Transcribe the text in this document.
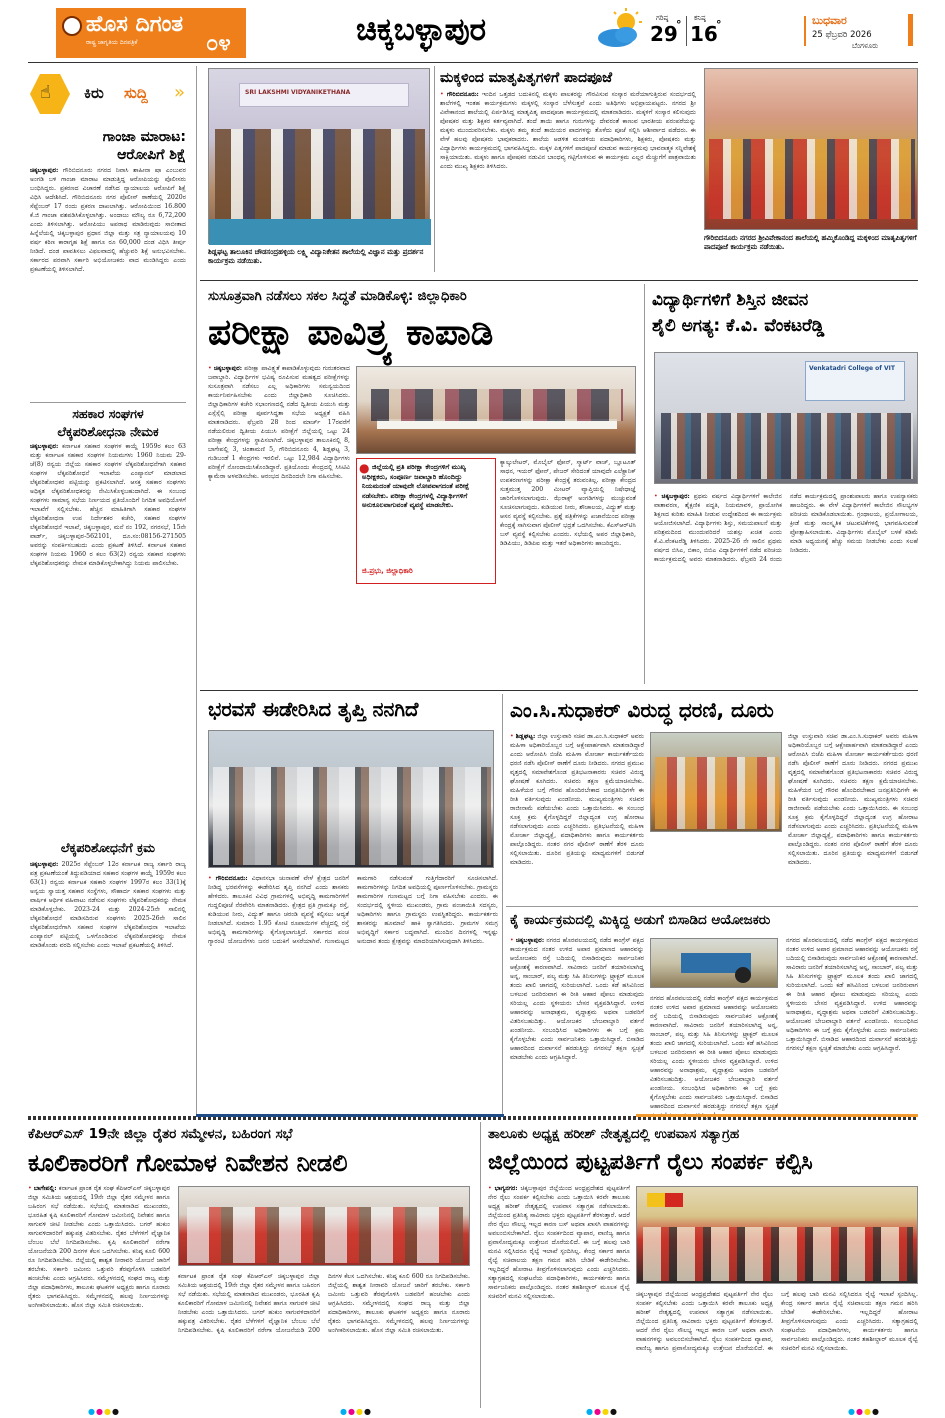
ಹೊಸ ದಿಗಂತ
ರಾಷ್ಟ್ರ ಜಾಗೃತಿಯ ದಿನಪತ್ರಿಕೆ	೦೪	ಚಿಕ್ಕಬಳ್ಳಾಪುರ	ಗರಿಷ್ಠ
29
° ಕನಿಷ್ಠ
16
°	ಬುಧವಾರ
25 ಫೆಬ್ರವರಿ 2026
ಬೆಂಗಳೂರು
☝ ಕಿರು ಸುದ್ದಿ »
ಗಾಂಜಾ ಮಾರಾಟ:
ಆರೋಪಿಗೆ ಶಿಕ್ಷೆ
ಚಿಕ್ಕಬಳ್ಳಾಪುರ: ಗೌರಿಬಿದನೂರು ನಗರದ ನಿವಾಸಿ ಶಾಹೀನಾ ಷಾ ಎಂಬುವರ ಅಂಗಡಿ ಬಳಿ ಗಾಂಜಾ ಮಾರಾಟ ಮಾಡುತ್ತಿದ್ದ ಆರೋಪಿಯನ್ನು ಪೊಲೀಸರು ಬಂಧಿಸಿದ್ದರು. ಪ್ರಕರಣದ ವಿಚಾರಣೆ ನಡೆಸಿದ ನ್ಯಾಯಾಲಯ ಆರೋಪಿಗೆ ಶಿಕ್ಷೆ ವಿಧಿಸಿ ಆದೇಶಿಸಿದೆ. ಗೌರಿಬಿದನೂರು ನಗರ ಪೊಲೀಸ್ ಠಾಣೆಯಲ್ಲಿ 2020ರ ಸೆಪ್ಟೆಂಬರ್ 17 ರಂದು ಪ್ರಕರಣ ದಾಖಲಾಗಿತ್ತು. ಆರೋಪಿಯಿಂದ 16.800 ಕೆ.ಜಿ ಗಾಂಜಾ ವಶಪಡಿಸಿಕೊಳ್ಳಲಾಗಿತ್ತು. ಅಂದಾಜು ಮೌಲ್ಯ ರೂ 6,72,200 ಎಂದು ತಿಳಿಸಲಾಗಿತ್ತು. ಆರೋಪಿಯು ಅಪರಾಧ ಮಾಡಿರುವುದು ಸಾಬೀತಾದ ಹಿನ್ನೆಲೆಯಲ್ಲಿ ಚಿಕ್ಕಬಳ್ಳಾಪುರ ಪ್ರಧಾನ ಜಿಲ್ಲಾ ಮತ್ತು ಸತ್ರ ನ್ಯಾಯಾಲಯವು 10 ವರ್ಷ ಕಠಿಣ ಕಾರಾಗೃಹ ಶಿಕ್ಷೆ ಹಾಗೂ ರೂ 60,000 ದಂಡ ವಿಧಿಸಿ ತೀರ್ಪು ನೀಡಿದೆ. ದಂಡ ಪಾವತಿಸಲು ವಿಫಲವಾದಲ್ಲಿ ಹೆಚ್ಚುವರಿ ಶಿಕ್ಷೆ ಅನುಭವಿಸಬೇಕು. ಸರ್ಕಾರದ ಪರವಾಗಿ ಸರ್ಕಾರಿ ಅಭಿಯೋಜಕರು ವಾದ ಮಂಡಿಸಿದ್ದರು ಎಂದು ಪ್ರಕಟಣೆಯಲ್ಲಿ ತಿಳಿಸಲಾಗಿದೆ.
ಸಹಕಾರ ಸಂಘಗಳ
ಲೆಕ್ಕಪರಿಶೋಧನಾ ನೇಮಕ
ಚಿಕ್ಕಬಳ್ಳಾಪುರ: ಕರ್ನಾಟಕ ಸಹಕಾರ ಸಂಘಗಳ ಕಾಯ್ದೆ 1959ರ ಕಲಂ 63 ಮತ್ತು ಕರ್ನಾಟಕ ಸಹಕಾರ ಸಂಘಗಳ ನಿಯಮಗಳು 1960 ನಿಯಮ 29-ಜೆ(8) ರನ್ವಯ ಜಿಲ್ಲೆಯ ಸಹಕಾರ ಸಂಘಗಳ ಲೆಕ್ಕಪರಿಶೋಧನೆಗಾಗಿ ಸಹಕಾರ ಸಂಘಗಳ ಲೆಕ್ಕಪರಿಶೋಧನೆ ಇಲಾಖೆಯ ಎಂಪ್ಯಾನಲ್ ಮಾಡಲಾದ ಲೆಕ್ಕಪರಿಶೋಧಕರ ಪಟ್ಟಿಯನ್ನು ಪ್ರಕಟಿಸಲಾಗಿದೆ. ಆಸಕ್ತ ಸಹಕಾರ ಸಂಘಗಳು ಅಧಿಕೃತ ಲೆಕ್ಕಪರಿಶೋಧಕರನ್ನು ನೇಮಿಸಿಕೊಳ್ಳಬಹುದಾಗಿದೆ. ಈ ಸಂಬಂಧ ಸಂಘಗಳು ಸಾಮಾನ್ಯ ಸಭೆಯ ನಿರ್ಣಯದ ಪ್ರತಿಯೊಂದಿಗೆ ನಿಗದಿತ ಅವಧಿಯೊಳಗೆ ಇಲಾಖೆಗೆ ಸಲ್ಲಿಸಬೇಕು. ಹೆಚ್ಚಿನ ಮಾಹಿತಿಗಾಗಿ ಸಹಕಾರ ಸಂಘಗಳ ಲೆಕ್ಕಪರಿಶೋಧನಾ ಉಪ ನಿರ್ದೇಶಕರ ಕಚೇರಿ, ಸಹಕಾರ ಸಂಘಗಳ ಲೆಕ್ಕಪರಿಶೋಧನೆ ಇಲಾಖೆ, ಚಿಕ್ಕಬಳ್ಳಾಪುರ, ಮನೆ ನಂ 192, ನಗರಸಭೆ, 15ನೇ ವಾರ್ಡ್, ಚಿಕ್ಕಬಳ್ಳಾಪುರ-562101, ದೂ.ಸಂ:08156-271505 ಅವರನ್ನು ಸಂಪರ್ಕಿಸಬಹುದು ಎಂದು ಪ್ರಕಟಣೆ ತಿಳಿಸಿದೆ. ಕರ್ನಾಟಕ ಸಹಕಾರ ಸಂಘಗಳ ನಿಯಮ 1960 ರ ಕಲಂ 63(2) ರನ್ವಯ ಸಹಕಾರ ಸಂಘಗಳು ಲೆಕ್ಕಪರಿಶೋಧಕರನ್ನು ನೇಮಕ ಮಾಡಿಕೊಳ್ಳಬೇಕಾಗಿದ್ದು ನಿಯಮ ಪಾಲಿಸಬೇಕು.
ಲೆಕ್ಕಪರಿಶೋಧನೆಗೆ ಕ್ರಮ
ಚಿಕ್ಕಬಳ್ಳಾಪುರ: 2025ರ ಸೆಪ್ಟೆಂಬರ್ 12ರ ಕರ್ನಾಟಕ ರಾಜ್ಯ ಸರ್ಕಾರಿ ರಾಜ್ಯ ಪತ್ರ ಪ್ರಕಟಣೆಯಂತೆ ತಿದ್ದುಪಡಿಯಾದ ಸಹಕಾರ ಸಂಘಗಳ ಕಾಯ್ದೆ 1959ರ ಕಲಂ 63(1) ರನ್ವಯ ಕರ್ನಾಟಕ ಸಹಕಾರಿ ಸಂಘಗಳ 1997ರ ಕಲಂ 33(1)ಕ್ಕೆ ಅನ್ವಯ ಸ್ವಾಯತ್ತ ಸಹಕಾರ ಸಂಸ್ಥೆಗಳು, ಸೌಹಾರ್ದ ಸಹಕಾರ ಸಂಘಗಳು ಮತ್ತು ವಾರ್ಷಿಕ ಆರ್ಥಿಕ ವಹಿವಾಟು ನಡೆಸುವ ಸಂಘಗಳು ಲೆಕ್ಕಪರಿಶೋಧಕರನ್ನು ನೇಮಕ ಮಾಡಿಕೊಳ್ಳಬೇಕು. 2023-24 ಮತ್ತು 2024-25ನೇ ಸಾಲಿನಲ್ಲಿ ಲೆಕ್ಕಪರಿಶೋಧನೆ ಮಾಡಿಸದಿರುವ ಸಂಘಗಳು 2025-26ನೇ ಸಾಲಿನ ಲೆಕ್ಕಪರಿಶೋಧನೆಗಾಗಿ ಸಹಕಾರ ಸಂಘಗಳ ಲೆಕ್ಕಪರಿಶೋಧನಾ ಇಲಾಖೆಯ ಎಂಪ್ಯಾನಲ್ ಪಟ್ಟಿಯಲ್ಲಿ ಒಳಗೊಂಡಿರುವ ಲೆಕ್ಕಪರಿಶೋಧಕರನ್ನು ನೇಮಕ ಮಾಡಿಕೊಂಡು ವರದಿ ಸಲ್ಲಿಸಬೇಕು ಎಂದು ಇಲಾಖೆ ಪ್ರಕಟಣೆಯಲ್ಲಿ ತಿಳಿಸಿದೆ.
SRI LAKSHMI VIDYANIKETHANA
ಶಿಡ್ಲಘಟ್ಟ ತಾಲೂಕಿನ ಚೌಡಸಂದ್ರಹಳ್ಳಿಯ ಲಕ್ಷ್ಮಿ ವಿದ್ಯಾನಿಕೇತನ ಶಾಲೆಯಲ್ಲಿ ವಿಜ್ಞಾನ ಮತ್ತು ಪ್ರದರ್ಶನ ಕಾರ್ಯಕ್ರಮ ನಡೆಯಿತು.
ಮಕ್ಕಳಿಂದ ಮಾತೃಪಿತೃಗಳಿಗೆ ಪಾದಪೂಜೆ
• ಗೌರಿಬಿದನೂರು: ಇಂದಿನ ಒತ್ತಡದ ಬದುಕಿನಲ್ಲಿ ಮಕ್ಕಳು ಪಾಲಕರನ್ನು ಗೌರವಿಸುವ ಸಂಸ್ಕಾರ ಮರೆಯಾಗುತ್ತಿರುವ ಸಂದರ್ಭದಲ್ಲಿ ಶಾಲೆಗಳಲ್ಲಿ ಇಂತಹ ಕಾರ್ಯಕ್ರಮಗಳು ಮಕ್ಕಳಲ್ಲಿ ಸಂಸ್ಕಾರ ಬೆಳೆಸುತ್ತವೆ ಎಂದು ಅತಿಥಿಗಳು ಅಭಿಪ್ರಾಯಪಟ್ಟರು. ನಗರದ ಶ್ರೀ ವಿವೇಕಾನಂದ ಶಾಲೆಯಲ್ಲಿ ಏರ್ಪಡಿಸಿದ್ದ ಮಾತೃಪಿತೃ ಪಾದಪೂಜಾ ಕಾರ್ಯಕ್ರಮದಲ್ಲಿ ಮಾತನಾಡಿದರು. ಮಕ್ಕಳಿಗೆ ಸಂಸ್ಕಾರ ಕಲಿಸುವುದು ಪೋಷಕರ ಮತ್ತು ಶಿಕ್ಷಕರ ಕರ್ತವ್ಯವಾಗಿದೆ. ತಂದೆ ತಾಯಿ ಹಾಗೂ ಗುರುಗಳನ್ನು ದೇವರಂತೆ ಕಾಣುವ ಭಾರತೀಯ ಪರಂಪರೆಯನ್ನು ಮಕ್ಕಳು ಮುಂದುವರಿಸಬೇಕು. ಮಕ್ಕಳು ತಮ್ಮ ತಂದೆ ತಾಯಿಯರ ಪಾದಗಳನ್ನು ತೊಳೆದು ಪೂಜೆ ಸಲ್ಲಿಸಿ ಆಶೀರ್ವಾದ ಪಡೆದರು. ಈ ವೇಳೆ ಹಲವು ಪೋಷಕರು ಭಾವುಕರಾದರು. ಶಾಲೆಯ ಆಡಳಿತ ಮಂಡಳಿಯ ಪದಾಧಿಕಾರಿಗಳು, ಶಿಕ್ಷಕರು, ಪೋಷಕರು ಮತ್ತು ವಿದ್ಯಾರ್ಥಿಗಳು ಕಾರ್ಯಕ್ರಮದಲ್ಲಿ ಭಾಗವಹಿಸಿದ್ದರು. ಮಕ್ಕಳ ಪಿತೃಗಳಿಗೆ ಪಾದಪೂಜೆ ಮಾಡುವ ಕಾರ್ಯಕ್ರಮವು ಭಾವನಾತ್ಮಕ ಸನ್ನಿವೇಶಕ್ಕೆ ಸಾಕ್ಷಿಯಾಯಿತು. ಮಕ್ಕಳು ಹಾಗೂ ಪೋಷಕರ ನಡುವಿನ ಬಾಂಧವ್ಯ ಗಟ್ಟಿಗೊಳಿಸುವ ಈ ಕಾರ್ಯಕ್ರಮ ಎಲ್ಲರ ಮೆಚ್ಚುಗೆಗೆ ಪಾತ್ರವಾಯಿತು ಎಂದು ಮುಖ್ಯ ಶಿಕ್ಷಕರು ತಿಳಿಸಿದರು.
ಗೌರಿಬಿದನೂರು ನಗರದ ಶ್ರೀವಿವೇಕಾನಂದ ಶಾಲೆಯಲ್ಲಿ ಹಮ್ಮಿಕೊಂಡಿದ್ದ ಮಕ್ಕಳಿಂದ ಮಾತೃಪಿತೃಗಳಿಗೆ ಪಾದಪೂಜೆ ಕಾರ್ಯಕ್ರಮ ನಡೆಯಿತು.
ಸುಸೂತ್ರವಾಗಿ ನಡೆಸಲು ಸಕಲ ಸಿದ್ಧತೆ ಮಾಡಿಕೊಳ್ಳಿ: ಜಿಲ್ಲಾಧಿಕಾರಿ
ಪರೀಕ್ಷಾ ಪಾವಿತ್ರ್ಯ ಕಾಪಾಡಿ
• ಚಿಕ್ಕಬಳ್ಳಾಪುರ: ಪರೀಕ್ಷಾ ಪಾವಿತ್ರ್ಯತೆ ಕಾಪಾಡಿಕೊಳ್ಳುವುದು ಗುರುತರವಾದ ಜವಾಬ್ದಾರಿ. ವಿದ್ಯಾರ್ಥಿಗಳ ಭವಿಷ್ಯ ರೂಪಿಸುವ ಮಹತ್ವದ ಪರೀಕ್ಷೆಗಳನ್ನು ಸುಸೂತ್ರವಾಗಿ ನಡೆಸಲು ಎಲ್ಲ ಅಧಿಕಾರಿಗಳು ಸಮನ್ವಯದಿಂದ ಕಾರ್ಯನಿರ್ವಹಿಸಬೇಕು ಎಂದು ಜಿಲ್ಲಾಧಿಕಾರಿ ಸೂಚಿಸಿದರು. ಜಿಲ್ಲಾಧಿಕಾರಿಗಳ ಕಚೇರಿ ಸಭಾಂಗಣದಲ್ಲಿ ನಡೆದ ದ್ವಿತೀಯ ಪಿಯುಸಿ ಮತ್ತು ಎಸ್ಸೆಸ್ಸೆಲ್ಸಿ ಪರೀಕ್ಷಾ ಪೂರ್ವಸಿದ್ಧತಾ ಸಭೆಯ ಅಧ್ಯಕ್ಷತೆ ವಹಿಸಿ ಮಾತನಾಡಿದರು. ಫೆಬ್ರವರಿ 28 ರಿಂದ ಮಾರ್ಚ್ 17ರವರೆಗೆ ನಡೆಯಲಿರುವ ದ್ವಿತೀಯ ಪಿಯುಸಿ ಪರೀಕ್ಷೆಗೆ ಜಿಲ್ಲೆಯಲ್ಲಿ ಒಟ್ಟು 24 ಪರೀಕ್ಷಾ ಕೇಂದ್ರಗಳನ್ನು ಸ್ಥಾಪಿಸಲಾಗಿದೆ. ಚಿಕ್ಕಬಳ್ಳಾಪುರ ತಾಲೂಕಿನಲ್ಲಿ 8, ಬಾಗೇಪಲ್ಲಿ 3, ಚಿಂತಾಮಣಿ 5, ಗೌರಿಬಿದನೂರು 4, ಶಿಡ್ಲಘಟ್ಟ 3, ಗುಡಿಬಂಡೆ 1 ಕೇಂದ್ರಗಳು ಇರಲಿವೆ. ಒಟ್ಟು 12,984 ವಿದ್ಯಾರ್ಥಿಗಳು ಪರೀಕ್ಷೆಗೆ ನೋಂದಾಯಿಸಿಕೊಂಡಿದ್ದಾರೆ. ಪ್ರತಿಯೊಂದು ಕೇಂದ್ರದಲ್ಲಿ ಸಿಸಿಟಿವಿ ಕ್ಯಾಮೆರಾ ಅಳವಡಿಸಬೇಕು. ಆರಂಭದ ದಿನದಿಂದಲೇ ನಿಗಾ ವಹಿಸಬೇಕು.
● ಜಿಲ್ಲೆಯಲ್ಲಿ ಪ್ರತಿ ಪರೀಕ್ಷಾ ಕೇಂದ್ರಗಳಿಗೆ ಮುಖ್ಯ ಅಧೀಕ್ಷಕರು, ಸಂಪೂರ್ಣ ಜವಾಬ್ದಾರಿ ಹೊಂದಿದ್ದು ನಿಯಮದಂತೆ ಯಾವುದೇ ಲೋಪವಾಗದಂತೆ ಪರೀಕ್ಷೆ ನಡೆಸಬೇಕು. ಪರೀಕ್ಷಾ ಕೇಂದ್ರಗಳಲ್ಲಿ ವಿದ್ಯಾರ್ಥಿಗಳಿಗೆ ಅನುಕೂಲವಾಗುವಂತೆ ವ್ಯವಸ್ಥೆ ಮಾಡಬೇಕು.
ಜಿ.ಪ್ರಭು, ಜಿಲ್ಲಾಧಿಕಾರಿ
ಕ್ಯಾಲ್ಕುಲೇಟರ್, ಮೊಬೈಲ್ ಫೋನ್, ಸ್ಮಾರ್ಟ್ ವಾಚ್, ಬ್ಲೂಟೂತ್ ಸಾಧನ, ಇಯರ್ ಫೋನ್, ಪೇಜರ್ ಸೇರಿದಂತೆ ಯಾವುದೇ ಎಲೆಕ್ಟ್ರಾನಿಕ್ ಉಪಕರಣಗಳನ್ನು ಪರೀಕ್ಷಾ ಕೇಂದ್ರಕ್ಕೆ ತರುವಂತಿಲ್ಲ. ಪರೀಕ್ಷಾ ಕೇಂದ್ರದ ಸುತ್ತಮುತ್ತ 200 ಮೀಟರ್ ವ್ಯಾಪ್ತಿಯಲ್ಲಿ ನಿಷೇಧಾಜ್ಞೆ ಜಾರಿಗೊಳಿಸಲಾಗುವುದು. ಝೆರಾಕ್ಸ್ ಅಂಗಡಿಗಳನ್ನು ಮುಚ್ಚುವಂತೆ ಸೂಚಿಸಲಾಗುವುದು. ಕುಡಿಯುವ ನೀರು, ಶೌಚಾಲಯ, ವಿದ್ಯುತ್ ಮತ್ತು ಆಸನ ವ್ಯವಸ್ಥೆ ಕಲ್ಪಿಸಬೇಕು. ಪ್ರಶ್ನೆ ಪತ್ರಿಕೆಗಳನ್ನು ಖಜಾನೆಯಿಂದ ಪರೀಕ್ಷಾ ಕೇಂದ್ರಕ್ಕೆ ಸಾಗಿಸುವಾಗ ಪೊಲೀಸ್ ಭದ್ರತೆ ಒದಗಿಸಬೇಕು. ಕೆಎಸ್ಆರ್‌ಟಿಸಿ ಬಸ್ ವ್ಯವಸ್ಥೆ ಕಲ್ಪಿಸಬೇಕು ಎಂದರು. ಸಭೆಯಲ್ಲಿ ಅಪರ ಜಿಲ್ಲಾಧಿಕಾರಿ, ಡಿಡಿಪಿಯು, ಡಿಡಿಪಿಐ ಮತ್ತು ಇತರೆ ಅಧಿಕಾರಿಗಳು ಹಾಜರಿದ್ದರು.
ವಿದ್ಯಾರ್ಥಿಗಳಿಗೆ ಶಿಸ್ತಿನ ಜೀವನ
ಶೈಲಿ ಅಗತ್ಯ: ಕೆ.ವಿ. ವೆಂಕಟರೆಡ್ಡಿ
Venkatadri College of VIT
• ಚಿಕ್ಕಬಳ್ಳಾಪುರ: ಪ್ರಥಮ ವರ್ಷದ ವಿದ್ಯಾರ್ಥಿಗಳಿಗೆ ಕಾಲೇಜಿನ ವಾತಾವರಣ, ಶೈಕ್ಷಣಿಕ ಪದ್ಧತಿ, ನಿಯಮಾವಳಿ, ಪ್ರಾಯೋಗಿಕ ಶಿಕ್ಷಣದ ಕುರಿತು ಮಾಹಿತಿ ನೀಡುವ ಉದ್ದೇಶದಿಂದ ಈ ಕಾರ್ಯಕ್ರಮ ಆಯೋಜಿಸಲಾಗಿದೆ. ವಿದ್ಯಾರ್ಥಿಗಳು ಶಿಸ್ತು, ಸಮಯಪಾಲನೆ ಮತ್ತು ಪರಿಶ್ರಮದಿಂದ ಮುಂದುವರಿದರೆ ಯಶಸ್ಸು ಖಚಿತ ಎಂದು ಕೆ.ವಿ.ವೆಂಕಟರೆಡ್ಡಿ ತಿಳಿಸಿದರು. 2025-26 ನೇ ಸಾಲಿನ ಪ್ರಥಮ ವರ್ಷದ ಬಿಸಿಎ, ಬಿಕಾಂ, ಬಿಬಿಎ ವಿದ್ಯಾರ್ಥಿಗಳಿಗೆ ನಡೆದ ಪರಿಚಯ ಕಾರ್ಯಕ್ರಮದಲ್ಲಿ ಅವರು ಮಾತನಾಡಿದರು. ಫೆಬ್ರವರಿ 24 ರಂದು ನಡೆದ ಕಾರ್ಯಕ್ರಮದಲ್ಲಿ ಪ್ರಾಂಶುಪಾಲರು ಹಾಗೂ ಉಪನ್ಯಾಸಕರು ಹಾಜರಿದ್ದರು. ಈ ವೇಳೆ ವಿದ್ಯಾರ್ಥಿಗಳಿಗೆ ಕಾಲೇಜಿನ ಸೌಲಭ್ಯಗಳ ಪರಿಚಯ ಮಾಡಿಕೊಡಲಾಯಿತು. ಗ್ರಂಥಾಲಯ, ಪ್ರಯೋಗಾಲಯ, ಕ್ರೀಡೆ ಮತ್ತು ಸಾಂಸ್ಕೃತಿಕ ಚಟುವಟಿಕೆಗಳಲ್ಲಿ ಭಾಗವಹಿಸುವಂತೆ ಪ್ರೋತ್ಸಾಹಿಸಲಾಯಿತು. ವಿದ್ಯಾರ್ಥಿಗಳು ಮೊಬೈಲ್ ಬಳಕೆ ಕಡಿಮೆ ಮಾಡಿ ಅಧ್ಯಯನಕ್ಕೆ ಹೆಚ್ಚು ಸಮಯ ನೀಡಬೇಕು ಎಂದು ಸಲಹೆ ನೀಡಿದರು.
ಭರವಸೆ ಈಡೇರಿಸಿದ ತೃಪ್ತಿ ನನಗಿದೆ
• ಗೌರಿಬಿದನೂರು: ವಿಧಾನಸಭಾ ಚುನಾವಣೆ ವೇಳೆ ಕ್ಷೇತ್ರದ ಜನರಿಗೆ ನೀಡಿದ್ದ ಭರವಸೆಗಳನ್ನು ಈಡೇರಿಸಿದ ತೃಪ್ತಿ ನನಗಿದೆ ಎಂದು ಶಾಸಕರು ಹೇಳಿದರು. ತಾಲೂಕಿನ ವಿವಿಧ ಗ್ರಾಮಗಳಲ್ಲಿ ಅಭಿವೃದ್ಧಿ ಕಾಮಗಾರಿಗಳಿಗೆ ಗುದ್ದಲಿಪೂಜೆ ನೆರವೇರಿಸಿ ಮಾತನಾಡಿದರು. ಕ್ಷೇತ್ರದ ಪ್ರತಿ ಗ್ರಾಮಕ್ಕೂ ರಸ್ತೆ, ಕುಡಿಯುವ ನೀರು, ವಿದ್ಯುತ್ ಹಾಗೂ ಚರಂಡಿ ವ್ಯವಸ್ಥೆ ಕಲ್ಪಿಸಲು ಆದ್ಯತೆ ನೀಡಲಾಗಿದೆ. ಸುಮಾರು 1.95 ಕೋಟಿ ರೂಪಾಯಿಗಳ ವೆಚ್ಚದಲ್ಲಿ ರಸ್ತೆ ಅಭಿವೃದ್ಧಿ ಕಾಮಗಾರಿಗಳನ್ನು ಕೈಗೊಳ್ಳಲಾಗುತ್ತಿದೆ. ಸರ್ಕಾರದ ಪಂಚ ಗ್ಯಾರಂಟಿ ಯೋಜನೆಗಳು ಜನರ ಬದುಕಿಗೆ ಆಸರೆಯಾಗಿವೆ. ಗುಣಮಟ್ಟದ ಕಾಮಗಾರಿ ನಡೆಸುವಂತೆ ಗುತ್ತಿಗೆದಾರರಿಗೆ ಸೂಚಿಸಲಾಗಿದೆ. ಕಾಮಗಾರಿಗಳನ್ನು ನಿಗದಿತ ಅವಧಿಯಲ್ಲಿ ಪೂರ್ಣಗೊಳಿಸಬೇಕು. ಗ್ರಾಮಸ್ಥರು ಕಾಮಗಾರಿಗಳ ಗುಣಮಟ್ಟದ ಬಗ್ಗೆ ನಿಗಾ ವಹಿಸಬೇಕು ಎಂದರು. ಈ ಸಂದರ್ಭದಲ್ಲಿ ಸ್ಥಳೀಯ ಮುಖಂಡರು, ಗ್ರಾಮ ಪಂಚಾಯಿತಿ ಸದಸ್ಯರು, ಅಧಿಕಾರಿಗಳು ಹಾಗೂ ಗ್ರಾಮಸ್ಥರು ಉಪಸ್ಥಿತರಿದ್ದರು. ಕಾರ್ಯಕರ್ತರು ಶಾಸಕರನ್ನು ಹೂಮಾಲೆ ಹಾಕಿ ಸ್ವಾಗತಿಸಿದರು. ಗ್ರಾಮಗಳ ಸಮಗ್ರ ಅಭಿವೃದ್ಧಿಗೆ ಸರ್ಕಾರ ಬದ್ಧವಾಗಿದೆ. ಮುಂದಿನ ದಿನಗಳಲ್ಲಿ ಇನ್ನಷ್ಟು ಅನುದಾನ ತಂದು ಕ್ಷೇತ್ರವನ್ನು ಮಾದರಿಯಾಗಿಸುವುದಾಗಿ ತಿಳಿಸಿದರು.
ಎಂ.ಸಿ.ಸುಧಾಕರ್ ವಿರುದ್ಧ ಧರಣಿ, ದೂರು
• ಶಿಡ್ಲಘಟ್ಟ: ಜಿಲ್ಲಾ ಉಸ್ತುವಾರಿ ಸಚಿವ ಡಾ.ಎಂ.ಸಿ.ಸುಧಾಕರ್ ಅವರು ಮಹಿಳಾ ಅಧಿಕಾರಿಯೊಬ್ಬರ ಬಗ್ಗೆ ಆಕ್ಷೇಪಾರ್ಹವಾಗಿ ಮಾತನಾಡಿದ್ದಾರೆ ಎಂದು ಆರೋಪಿಸಿ ಬಿಜೆಪಿ ಮಹಿಳಾ ಮೋರ್ಚಾ ಕಾರ್ಯಕರ್ತೆಯರು ಧರಣಿ ನಡೆಸಿ ಪೊಲೀಸ್ ಠಾಣೆಗೆ ದೂರು ನೀಡಿದರು. ನಗರದ ಪ್ರಮುಖ ವೃತ್ತದಲ್ಲಿ ಸಮಾವೇಶಗೊಂಡ ಪ್ರತಿಭಟನಾಕಾರರು ಸಚಿವರ ವಿರುದ್ಧ ಘೋಷಣೆ ಕೂಗಿದರು. ಸಚಿವರು ತಕ್ಷಣ ಕ್ಷಮೆಯಾಚಿಸಬೇಕು. ಮಹಿಳೆಯರ ಬಗ್ಗೆ ಗೌರವ ಹೊಂದಿರಬೇಕಾದ ಜನಪ್ರತಿನಿಧಿಗಳೇ ಈ ರೀತಿ ವರ್ತಿಸುವುದು ಖಂಡನೀಯ. ಮುಖ್ಯಮಂತ್ರಿಗಳು ಸಚಿವರ ರಾಜೀನಾಮೆ ಪಡೆಯಬೇಕು ಎಂದು ಒತ್ತಾಯಿಸಿದರು. ಈ ಸಂಬಂಧ ಸೂಕ್ತ ಕ್ರಮ ಕೈಗೊಳ್ಳದಿದ್ದರೆ ಜಿಲ್ಲಾದ್ಯಂತ ಉಗ್ರ ಹೋರಾಟ ನಡೆಸಲಾಗುವುದು ಎಂದು ಎಚ್ಚರಿಸಿದರು. ಪ್ರತಿಭಟನೆಯಲ್ಲಿ ಮಹಿಳಾ ಮೋರ್ಚಾ ಜಿಲ್ಲಾಧ್ಯಕ್ಷೆ, ಪದಾಧಿಕಾರಿಗಳು ಹಾಗೂ ಕಾರ್ಯಕರ್ತರು ಪಾಲ್ಗೊಂಡಿದ್ದರು. ನಂತರ ನಗರ ಪೊಲೀಸ್ ಠಾಣೆಗೆ ತೆರಳಿ ದೂರು ಸಲ್ಲಿಸಲಾಯಿತು. ದೂರಿನ ಪ್ರತಿಯನ್ನು ಮಾಧ್ಯಮಗಳಿಗೆ ಬಿಡುಗಡೆ ಮಾಡಿದರು.
ಜಿಲ್ಲಾ ಉಸ್ತುವಾರಿ ಸಚಿವ ಡಾ.ಎಂ.ಸಿ.ಸುಧಾಕರ್ ಅವರು ಮಹಿಳಾ ಅಧಿಕಾರಿಯೊಬ್ಬರ ಬಗ್ಗೆ ಆಕ್ಷೇಪಾರ್ಹವಾಗಿ ಮಾತನಾಡಿದ್ದಾರೆ ಎಂದು ಆರೋಪಿಸಿ ಬಿಜೆಪಿ ಮಹಿಳಾ ಮೋರ್ಚಾ ಕಾರ್ಯಕರ್ತೆಯರು ಧರಣಿ ನಡೆಸಿ ಪೊಲೀಸ್ ಠಾಣೆಗೆ ದೂರು ನೀಡಿದರು. ನಗರದ ಪ್ರಮುಖ ವೃತ್ತದಲ್ಲಿ ಸಮಾವೇಶಗೊಂಡ ಪ್ರತಿಭಟನಾಕಾರರು ಸಚಿವರ ವಿರುದ್ಧ ಘೋಷಣೆ ಕೂಗಿದರು. ಸಚಿವರು ತಕ್ಷಣ ಕ್ಷಮೆಯಾಚಿಸಬೇಕು. ಮಹಿಳೆಯರ ಬಗ್ಗೆ ಗೌರವ ಹೊಂದಿರಬೇಕಾದ ಜನಪ್ರತಿನಿಧಿಗಳೇ ಈ ರೀತಿ ವರ್ತಿಸುವುದು ಖಂಡನೀಯ. ಮುಖ್ಯಮಂತ್ರಿಗಳು ಸಚಿವರ ರಾಜೀನಾಮೆ ಪಡೆಯಬೇಕು ಎಂದು ಒತ್ತಾಯಿಸಿದರು. ಈ ಸಂಬಂಧ ಸೂಕ್ತ ಕ್ರಮ ಕೈಗೊಳ್ಳದಿದ್ದರೆ ಜಿಲ್ಲಾದ್ಯಂತ ಉಗ್ರ ಹೋರಾಟ ನಡೆಸಲಾಗುವುದು ಎಂದು ಎಚ್ಚರಿಸಿದರು. ಪ್ರತಿಭಟನೆಯಲ್ಲಿ ಮಹಿಳಾ ಮೋರ್ಚಾ ಜಿಲ್ಲಾಧ್ಯಕ್ಷೆ, ಪದಾಧಿಕಾರಿಗಳು ಹಾಗೂ ಕಾರ್ಯಕರ್ತರು ಪಾಲ್ಗೊಂಡಿದ್ದರು. ನಂತರ ನಗರ ಪೊಲೀಸ್ ಠಾಣೆಗೆ ತೆರಳಿ ದೂರು ಸಲ್ಲಿಸಲಾಯಿತು. ದೂರಿನ ಪ್ರತಿಯನ್ನು ಮಾಧ್ಯಮಗಳಿಗೆ ಬಿಡುಗಡೆ ಮಾಡಿದರು.
ಕೈ ಕಾರ್ಯಕ್ರಮದಲ್ಲಿ ಮಿಕ್ಕಿದ್ದ ಅಡುಗೆ ಬಿಸಾಡಿದ ಆಯೋಜಕರು
• ಚಿಕ್ಕಬಳ್ಳಾಪುರ: ನಗರದ ಹೊರವಲಯದಲ್ಲಿ ನಡೆದ ಕಾಂಗ್ರೆಸ್ ಪಕ್ಷದ ಕಾರ್ಯಕ್ರಮದ ನಂತರ ಉಳಿದ ಅಪಾರ ಪ್ರಮಾಣದ ಆಹಾರವನ್ನು ಆಯೋಜಕರು ರಸ್ತೆ ಬದಿಯಲ್ಲಿ ಬಿಸಾಡಿರುವುದು ಸಾರ್ವಜನಿಕರ ಆಕ್ರೋಶಕ್ಕೆ ಕಾರಣವಾಗಿದೆ. ಸಾವಿರಾರು ಜನರಿಗೆ ತಯಾರಿಸಲಾಗಿದ್ದ ಅನ್ನ, ಸಾಂಬಾರ್, ಪಲ್ಯ ಮತ್ತು ಸಿಹಿ ತಿನಿಸುಗಳನ್ನು ಟ್ರ್ಯಾಕ್ಟರ್ ಮೂಲಕ ತಂದು ಖಾಲಿ ಜಾಗದಲ್ಲಿ ಸುರಿಯಲಾಗಿದೆ. ಒಂದು ಕಡೆ ಹಸಿವಿನಿಂದ ಬಳಲುವ ಜನರಿರುವಾಗ ಈ ರೀತಿ ಆಹಾರ ಪೋಲು ಮಾಡುವುದು ಸರಿಯಲ್ಲ ಎಂದು ಸ್ಥಳೀಯರು ಬೇಸರ ವ್ಯಕ್ತಪಡಿಸಿದ್ದಾರೆ. ಉಳಿದ ಆಹಾರವನ್ನು ಅನಾಥಾಶ್ರಮ, ವೃದ್ಧಾಶ್ರಮ ಅಥವಾ ಬಡವರಿಗೆ ವಿತರಿಸಬಹುದಿತ್ತು. ಆಯೋಜಕರ ಬೇಜವಾಬ್ದಾರಿ ವರ್ತನೆ ಖಂಡನೀಯ. ಸಂಬಂಧಿಸಿದ ಅಧಿಕಾರಿಗಳು ಈ ಬಗ್ಗೆ ಕ್ರಮ ಕೈಗೊಳ್ಳಬೇಕು ಎಂದು ಸಾರ್ವಜನಿಕರು ಒತ್ತಾಯಿಸಿದ್ದಾರೆ. ಬಿಸಾಡಿದ ಆಹಾರದಿಂದ ದುರ್ವಾಸನೆ ಹರಡುತ್ತಿದ್ದು ನಗರಸಭೆ ತಕ್ಷಣ ಸ್ವಚ್ಛತೆ ಮಾಡಬೇಕು ಎಂದು ಆಗ್ರಹಿಸಿದ್ದಾರೆ.
ನಗರದ ಹೊರವಲಯದಲ್ಲಿ ನಡೆದ ಕಾಂಗ್ರೆಸ್ ಪಕ್ಷದ ಕಾರ್ಯಕ್ರಮದ ನಂತರ ಉಳಿದ ಅಪಾರ ಪ್ರಮಾಣದ ಆಹಾರವನ್ನು ಆಯೋಜಕರು ರಸ್ತೆ ಬದಿಯಲ್ಲಿ ಬಿಸಾಡಿರುವುದು ಸಾರ್ವಜನಿಕರ ಆಕ್ರೋಶಕ್ಕೆ ಕಾರಣವಾಗಿದೆ. ಸಾವಿರಾರು ಜನರಿಗೆ ತಯಾರಿಸಲಾಗಿದ್ದ ಅನ್ನ, ಸಾಂಬಾರ್, ಪಲ್ಯ ಮತ್ತು ಸಿಹಿ ತಿನಿಸುಗಳನ್ನು ಟ್ರ್ಯಾಕ್ಟರ್ ಮೂಲಕ ತಂದು ಖಾಲಿ ಜಾಗದಲ್ಲಿ ಸುರಿಯಲಾಗಿದೆ. ಒಂದು ಕಡೆ ಹಸಿವಿನಿಂದ ಬಳಲುವ ಜನರಿರುವಾಗ ಈ ರೀತಿ ಆಹಾರ ಪೋಲು ಮಾಡುವುದು ಸರಿಯಲ್ಲ ಎಂದು ಸ್ಥಳೀಯರು ಬೇಸರ ವ್ಯಕ್ತಪಡಿಸಿದ್ದಾರೆ. ಉಳಿದ ಆಹಾರವನ್ನು ಅನಾಥಾಶ್ರಮ, ವೃದ್ಧಾಶ್ರಮ ಅಥವಾ ಬಡವರಿಗೆ ವಿತರಿಸಬಹುದಿತ್ತು. ಆಯೋಜಕರ ಬೇಜವಾಬ್ದಾರಿ ವರ್ತನೆ ಖಂಡನೀಯ. ಸಂಬಂಧಿಸಿದ ಅಧಿಕಾರಿಗಳು ಈ ಬಗ್ಗೆ ಕ್ರಮ ಕೈಗೊಳ್ಳಬೇಕು ಎಂದು ಸಾರ್ವಜನಿಕರು ಒತ್ತಾಯಿಸಿದ್ದಾರೆ. ಬಿಸಾಡಿದ ಆಹಾರದಿಂದ ದುರ್ವಾಸನೆ ಹರಡುತ್ತಿದ್ದು ನಗರಸಭೆ ತಕ್ಷಣ ಸ್ವಚ್ಛತೆ
ನಗರದ ಹೊರವಲಯದಲ್ಲಿ ನಡೆದ ಕಾಂಗ್ರೆಸ್ ಪಕ್ಷದ ಕಾರ್ಯಕ್ರಮದ ನಂತರ ಉಳಿದ ಅಪಾರ ಪ್ರಮಾಣದ ಆಹಾರವನ್ನು ಆಯೋಜಕರು ರಸ್ತೆ ಬದಿಯಲ್ಲಿ ಬಿಸಾಡಿರುವುದು ಸಾರ್ವಜನಿಕರ ಆಕ್ರೋಶಕ್ಕೆ ಕಾರಣವಾಗಿದೆ. ಸಾವಿರಾರು ಜನರಿಗೆ ತಯಾರಿಸಲಾಗಿದ್ದ ಅನ್ನ, ಸಾಂಬಾರ್, ಪಲ್ಯ ಮತ್ತು ಸಿಹಿ ತಿನಿಸುಗಳನ್ನು ಟ್ರ್ಯಾಕ್ಟರ್ ಮೂಲಕ ತಂದು ಖಾಲಿ ಜಾಗದಲ್ಲಿ ಸುರಿಯಲಾಗಿದೆ. ಒಂದು ಕಡೆ ಹಸಿವಿನಿಂದ ಬಳಲುವ ಜನರಿರುವಾಗ ಈ ರೀತಿ ಆಹಾರ ಪೋಲು ಮಾಡುವುದು ಸರಿಯಲ್ಲ ಎಂದು ಸ್ಥಳೀಯರು ಬೇಸರ ವ್ಯಕ್ತಪಡಿಸಿದ್ದಾರೆ. ಉಳಿದ ಆಹಾರವನ್ನು ಅನಾಥಾಶ್ರಮ, ವೃದ್ಧಾಶ್ರಮ ಅಥವಾ ಬಡವರಿಗೆ ವಿತರಿಸಬಹುದಿತ್ತು. ಆಯೋಜಕರ ಬೇಜವಾಬ್ದಾರಿ ವರ್ತನೆ ಖಂಡನೀಯ. ಸಂಬಂಧಿಸಿದ ಅಧಿಕಾರಿಗಳು ಈ ಬಗ್ಗೆ ಕ್ರಮ ಕೈಗೊಳ್ಳಬೇಕು ಎಂದು ಸಾರ್ವಜನಿಕರು ಒತ್ತಾಯಿಸಿದ್ದಾರೆ. ಬಿಸಾಡಿದ ಆಹಾರದಿಂದ ದುರ್ವಾಸನೆ ಹರಡುತ್ತಿದ್ದು ನಗರಸಭೆ ತಕ್ಷಣ ಸ್ವಚ್ಛತೆ ಮಾಡಬೇಕು ಎಂದು ಆಗ್ರಹಿಸಿದ್ದಾರೆ.
ಕೆಪಿಆರ್‌ಎಸ್ 19ನೇ ಜಿಲ್ಲಾ ರೈತರ ಸಮ್ಮೇಳನ, ಬಹಿರಂಗ ಸಭೆ
ಕೂಲಿಕಾರರಿಗೆ ಗೋಮಾಳ ನಿವೇಶನ ನೀಡಲಿ
• ಬಾಗೇಪಲ್ಲಿ: ಕರ್ನಾಟಕ ಪ್ರಾಂತ ರೈತ ಸಂಘ ಕೆಪಿಆರ್‌ಎಸ್ ಚಿಕ್ಕಬಳ್ಳಾಪುರ ಜಿಲ್ಲಾ ಸಮಿತಿಯ ಆಶ್ರಯದಲ್ಲಿ 19ನೇ ಜಿಲ್ಲಾ ರೈತರ ಸಮ್ಮೇಳನ ಹಾಗೂ ಬಹಿರಂಗ ಸಭೆ ನಡೆಯಿತು. ಸಭೆಯಲ್ಲಿ ಮಾತನಾಡಿದ ಮುಖಂಡರು, ಭೂರಹಿತ ಕೃಷಿ ಕೂಲಿಕಾರರಿಗೆ ಗೋಮಾಳ ಜಮೀನಿನಲ್ಲಿ ನಿವೇಶನ ಹಾಗೂ ಸಾಗುವಳಿ ಚೀಟಿ ನೀಡಬೇಕು ಎಂದು ಒತ್ತಾಯಿಸಿದರು. ಬಗರ್ ಹುಕುಂ ಸಾಗುವಳಿದಾರರಿಗೆ ಹಕ್ಕುಪತ್ರ ವಿತರಿಸಬೇಕು. ರೈತರ ಬೆಳೆಗಳಿಗೆ ವೈಜ್ಞಾನಿಕ ಬೆಂಬಲ ಬೆಲೆ ನಿಗದಿಪಡಿಸಬೇಕು. ಕೃಷಿ ಕೂಲಿಕಾರರಿಗೆ ನರೇಗಾ ಯೋಜನೆಯಡಿ 200 ದಿನಗಳ ಕೆಲಸ ಒದಗಿಸಬೇಕು. ಕನಿಷ್ಠ ಕೂಲಿ 600 ರೂ ನಿಗದಿಪಡಿಸಬೇಕು. ಜಿಲ್ಲೆಯಲ್ಲಿ ಶಾಶ್ವತ ನೀರಾವರಿ ಯೋಜನೆ ಜಾರಿಗೆ ತರಬೇಕು. ಸರ್ಕಾರಿ ಜಮೀನು ಒತ್ತುವರಿ ತೆರವುಗೊಳಿಸಿ ಬಡವರಿಗೆ ಹಂಚಬೇಕು ಎಂದು ಆಗ್ರಹಿಸಿದರು. ಸಮ್ಮೇಳನದಲ್ಲಿ ಸಂಘದ ರಾಜ್ಯ ಮತ್ತು ಜಿಲ್ಲಾ ಪದಾಧಿಕಾರಿಗಳು, ತಾಲೂಕು ಘಟಕಗಳ ಅಧ್ಯಕ್ಷರು ಹಾಗೂ ನೂರಾರು ರೈತರು ಭಾಗವಹಿಸಿದ್ದರು. ಸಮ್ಮೇಳನದಲ್ಲಿ ಹಲವು ನಿರ್ಣಯಗಳನ್ನು ಅಂಗೀಕರಿಸಲಾಯಿತು. ಹೊಸ ಜಿಲ್ಲಾ ಸಮಿತಿ ರಚಿಸಲಾಯಿತು.
ಕರ್ನಾಟಕ ಪ್ರಾಂತ ರೈತ ಸಂಘ ಕೆಪಿಆರ್‌ಎಸ್ ಚಿಕ್ಕಬಳ್ಳಾಪುರ ಜಿಲ್ಲಾ ಸಮಿತಿಯ ಆಶ್ರಯದಲ್ಲಿ 19ನೇ ಜಿಲ್ಲಾ ರೈತರ ಸಮ್ಮೇಳನ ಹಾಗೂ ಬಹಿರಂಗ ಸಭೆ ನಡೆಯಿತು. ಸಭೆಯಲ್ಲಿ ಮಾತನಾಡಿದ ಮುಖಂಡರು, ಭೂರಹಿತ ಕೃಷಿ ಕೂಲಿಕಾರರಿಗೆ ಗೋಮಾಳ ಜಮೀನಿನಲ್ಲಿ ನಿವೇಶನ ಹಾಗೂ ಸಾಗುವಳಿ ಚೀಟಿ ನೀಡಬೇಕು ಎಂದು ಒತ್ತಾಯಿಸಿದರು. ಬಗರ್ ಹುಕುಂ ಸಾಗುವಳಿದಾರರಿಗೆ ಹಕ್ಕುಪತ್ರ ವಿತರಿಸಬೇಕು. ರೈತರ ಬೆಳೆಗಳಿಗೆ ವೈಜ್ಞಾನಿಕ ಬೆಂಬಲ ಬೆಲೆ ನಿಗದಿಪಡಿಸಬೇಕು. ಕೃಷಿ ಕೂಲಿಕಾರರಿಗೆ ನರೇಗಾ ಯೋಜನೆಯಡಿ 200 ದಿನಗಳ ಕೆಲಸ ಒದಗಿಸಬೇಕು. ಕನಿಷ್ಠ ಕೂಲಿ 600 ರೂ ನಿಗದಿಪಡಿಸಬೇಕು. ಜಿಲ್ಲೆಯಲ್ಲಿ ಶಾಶ್ವತ ನೀರಾವರಿ ಯೋಜನೆ ಜಾರಿಗೆ ತರಬೇಕು. ಸರ್ಕಾರಿ ಜಮೀನು ಒತ್ತುವರಿ ತೆರವುಗೊಳಿಸಿ ಬಡವರಿಗೆ ಹಂಚಬೇಕು ಎಂದು ಆಗ್ರಹಿಸಿದರು. ಸಮ್ಮೇಳನದಲ್ಲಿ ಸಂಘದ ರಾಜ್ಯ ಮತ್ತು ಜಿಲ್ಲಾ ಪದಾಧಿಕಾರಿಗಳು, ತಾಲೂಕು ಘಟಕಗಳ ಅಧ್ಯಕ್ಷರು ಹಾಗೂ ನೂರಾರು ರೈತರು ಭಾಗವಹಿಸಿದ್ದರು. ಸಮ್ಮೇಳನದಲ್ಲಿ ಹಲವು ನಿರ್ಣಯಗಳನ್ನು ಅಂಗೀಕರಿಸಲಾಯಿತು. ಹೊಸ ಜಿಲ್ಲಾ ಸಮಿತಿ ರಚಿಸಲಾಯಿತು.
ತಾಲೂಕು ಅಧ್ಯಕ್ಷ ಹರೀಶ್ ನೇತೃತ್ವದಲ್ಲಿ ಉಪವಾಸ ಸತ್ಯಾಗ್ರಹ
ಜಿಲ್ಲೆಯಿಂದ ಪುಟ್ಟಪರ್ತಿಗೆ ರೈಲು ಸಂಪರ್ಕ ಕಲ್ಪಿಸಿ
• ಭಾಗ್ಯನಗರ: ಚಿಕ್ಕಬಳ್ಳಾಪುರ ಜಿಲ್ಲೆಯಿಂದ ಆಂಧ್ರಪ್ರದೇಶದ ಪುಟ್ಟಪರ್ತಿಗೆ ನೇರ ರೈಲು ಸಂಪರ್ಕ ಕಲ್ಪಿಸಬೇಕು ಎಂದು ಒತ್ತಾಯಿಸಿ ಕರವೇ ತಾಲೂಕು ಅಧ್ಯಕ್ಷ ಹರೀಶ್ ನೇತೃತ್ವದಲ್ಲಿ ಉಪವಾಸ ಸತ್ಯಾಗ್ರಹ ನಡೆಸಲಾಯಿತು. ಜಿಲ್ಲೆಯಿಂದ ಪ್ರತಿನಿತ್ಯ ಸಾವಿರಾರು ಭಕ್ತರು ಪುಟ್ಟಪರ್ತಿಗೆ ತೆರಳುತ್ತಾರೆ. ಆದರೆ ನೇರ ರೈಲು ಸೌಲಭ್ಯ ಇಲ್ಲದ ಕಾರಣ ಬಸ್ ಅಥವಾ ಖಾಸಗಿ ವಾಹನಗಳನ್ನು ಅವಲಂಬಿಸಬೇಕಾಗಿದೆ. ರೈಲು ಸಂಪರ್ಕದಿಂದ ವ್ಯಾಪಾರ, ವಾಣಿಜ್ಯ ಹಾಗೂ ಪ್ರವಾಸೋದ್ಯಮಕ್ಕೂ ಉತ್ತೇಜನ ದೊರೆಯಲಿದೆ. ಈ ಬಗ್ಗೆ ಹಲವು ಬಾರಿ ಮನವಿ ಸಲ್ಲಿಸಿದರೂ ರೈಲ್ವೆ ಇಲಾಖೆ ಸ್ಪಂದಿಸಿಲ್ಲ. ಕೇಂದ್ರ ಸರ್ಕಾರ ಹಾಗೂ ರೈಲ್ವೆ ಸಚಿವಾಲಯ ತಕ್ಷಣ ಗಮನ ಹರಿಸಿ ಬೇಡಿಕೆ ಈಡೇರಿಸಬೇಕು. ಇಲ್ಲದಿದ್ದರೆ ಹೋರಾಟ ತೀವ್ರಗೊಳಿಸಲಾಗುವುದು ಎಂದು ಎಚ್ಚರಿಸಿದರು. ಸತ್ಯಾಗ್ರಹದಲ್ಲಿ ಸಂಘಟನೆಯ ಪದಾಧಿಕಾರಿಗಳು, ಕಾರ್ಯಕರ್ತರು ಹಾಗೂ ಸಾರ್ವಜನಿಕರು ಪಾಲ್ಗೊಂಡಿದ್ದರು. ನಂತರ ತಹಶೀಲ್ದಾರ್ ಮೂಲಕ ರೈಲ್ವೆ ಸಚಿವರಿಗೆ ಮನವಿ ಸಲ್ಲಿಸಲಾಯಿತು.	ಚಿಕ್ಕಬಳ್ಳಾಪುರ ಜಿಲ್ಲೆಯಿಂದ ಆಂಧ್ರಪ್ರದೇಶದ ಪುಟ್ಟಪರ್ತಿಗೆ ನೇರ ರೈಲು ಸಂಪರ್ಕ ಕಲ್ಪಿಸಬೇಕು ಎಂದು ಒತ್ತಾಯಿಸಿ ಕರವೇ ತಾಲೂಕು ಅಧ್ಯಕ್ಷ ಹರೀಶ್ ನೇತೃತ್ವದಲ್ಲಿ ಉಪವಾಸ ಸತ್ಯಾಗ್ರಹ ನಡೆಸಲಾಯಿತು. ಜಿಲ್ಲೆಯಿಂದ ಪ್ರತಿನಿತ್ಯ ಸಾವಿರಾರು ಭಕ್ತರು ಪುಟ್ಟಪರ್ತಿಗೆ ತೆರಳುತ್ತಾರೆ. ಆದರೆ ನೇರ ರೈಲು ಸೌಲಭ್ಯ ಇಲ್ಲದ ಕಾರಣ ಬಸ್ ಅಥವಾ ಖಾಸಗಿ ವಾಹನಗಳನ್ನು ಅವಲಂಬಿಸಬೇಕಾಗಿದೆ. ರೈಲು ಸಂಪರ್ಕದಿಂದ ವ್ಯಾಪಾರ, ವಾಣಿಜ್ಯ ಹಾಗೂ ಪ್ರವಾಸೋದ್ಯಮಕ್ಕೂ ಉತ್ತೇಜನ ದೊರೆಯಲಿದೆ. ಈ ಬಗ್ಗೆ ಹಲವು ಬಾರಿ ಮನವಿ ಸಲ್ಲಿಸಿದರೂ ರೈಲ್ವೆ ಇಲಾಖೆ ಸ್ಪಂದಿಸಿಲ್ಲ. ಕೇಂದ್ರ ಸರ್ಕಾರ ಹಾಗೂ ರೈಲ್ವೆ ಸಚಿವಾಲಯ ತಕ್ಷಣ ಗಮನ ಹರಿಸಿ ಬೇಡಿಕೆ ಈಡೇರಿಸಬೇಕು. ಇಲ್ಲದಿದ್ದರೆ ಹೋರಾಟ ತೀವ್ರಗೊಳಿಸಲಾಗುವುದು ಎಂದು ಎಚ್ಚರಿಸಿದರು. ಸತ್ಯಾಗ್ರಹದಲ್ಲಿ ಸಂಘಟನೆಯ ಪದಾಧಿಕಾರಿಗಳು, ಕಾರ್ಯಕರ್ತರು ಹಾಗೂ ಸಾರ್ವಜನಿಕರು ಪಾಲ್ಗೊಂಡಿದ್ದರು. ನಂತರ ತಹಶೀಲ್ದಾರ್ ಮೂಲಕ ರೈಲ್ವೆ ಸಚಿವರಿಗೆ ಮನವಿ ಸಲ್ಲಿಸಲಾಯಿತು.
●●●●	●●●●	●●●●	●●●●
